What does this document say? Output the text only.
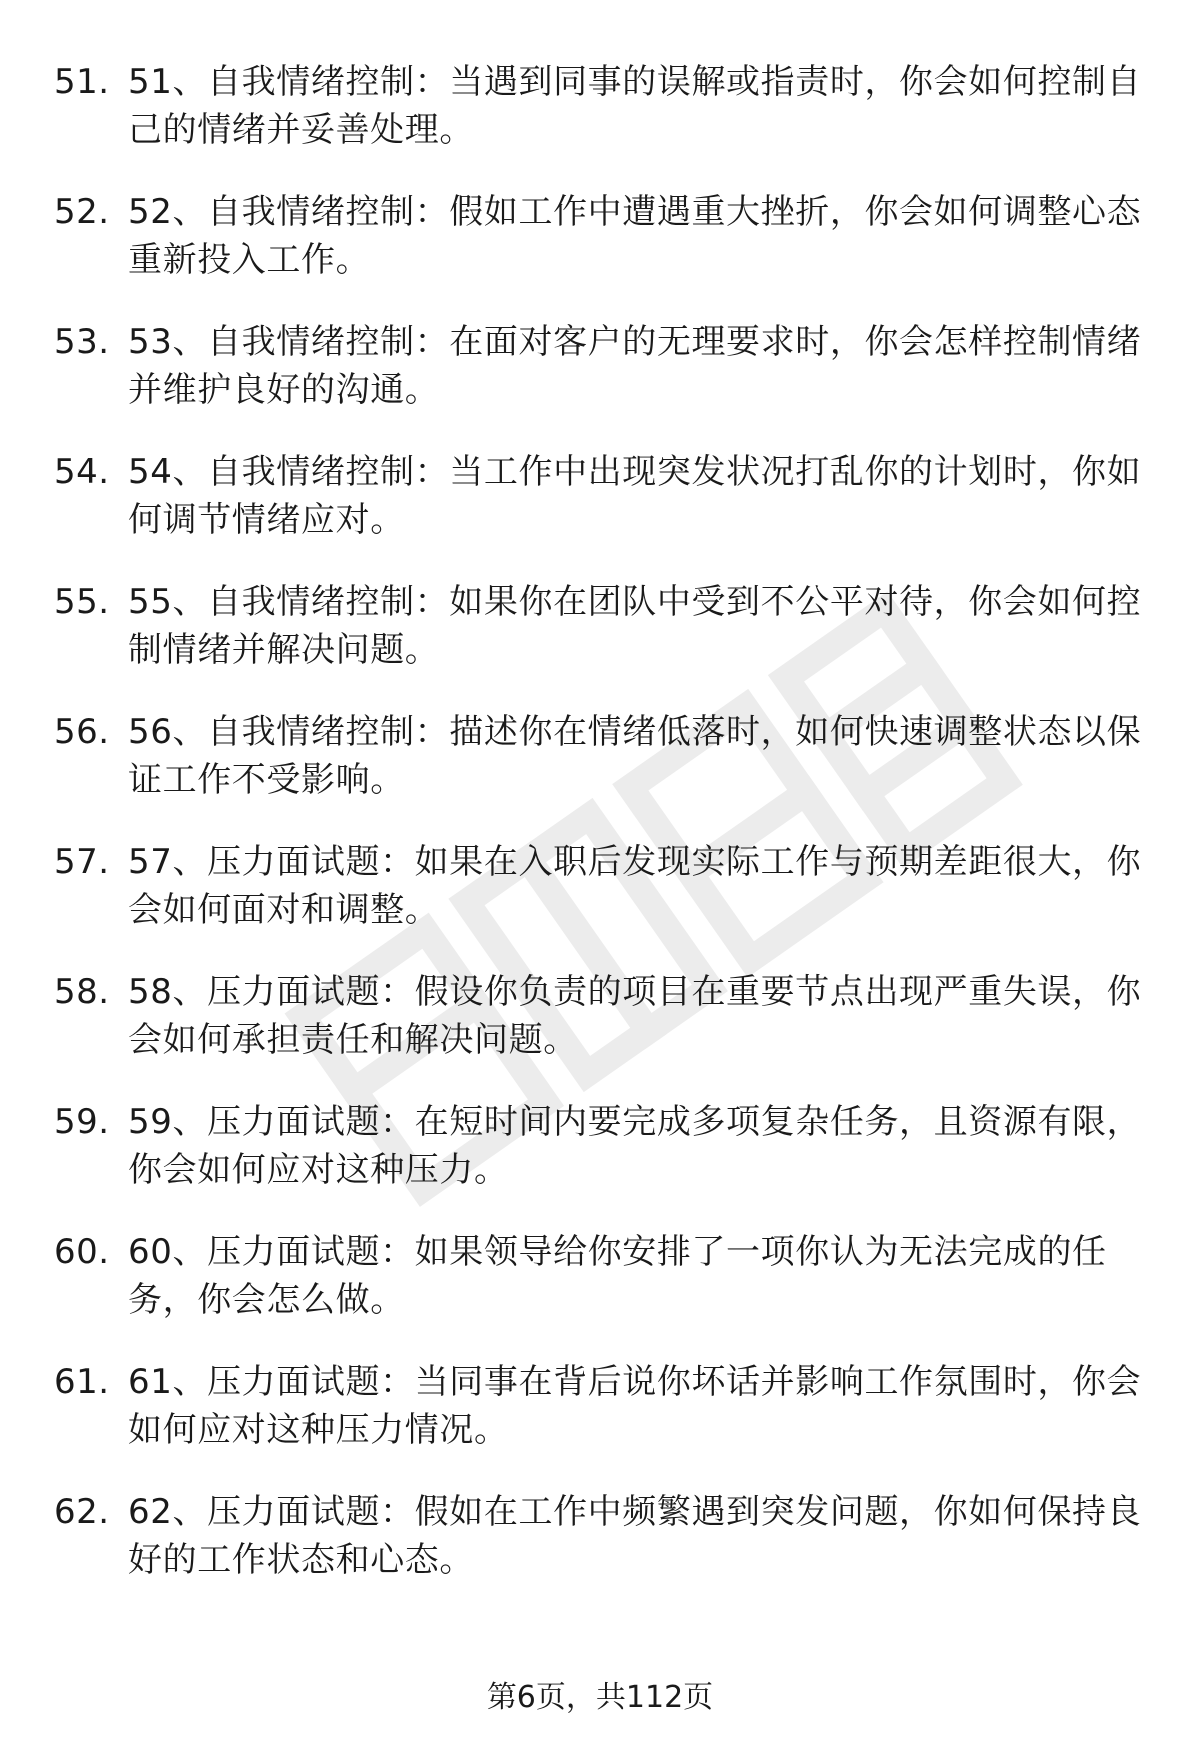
51. 51、自我情绪控制：当遇到同事的误解或指责时，你会如何控制自己的情绪并妥善处理。
52. 52、自我情绪控制：假如工作中遭遇重大挫折，你会如何调整心态重新投入工作。
53. 53、自我情绪控制：在面对客户的无理要求时，你会怎样控制情绪并维护良好的沟通。
54. 54、自我情绪控制：当工作中出现突发状况打乱你的计划时，你如何调节情绪应对。
55. 55、自我情绪控制：如果你在团队中受到不公平对待，你会如何控制情绪并解决问题。
56. 56、自我情绪控制：描述你在情绪低落时，如何快速调整状态以保证工作不受影响。
57. 57、压力面试题：如果在入职后发现实际工作与预期差距很大，你会如何面对和调整。
58. 58、压力面试题：假设你负责的项目在重要节点出现严重失误，你会如何承担责任和解决问题。
59. 59、压力面试题：在短时间内要完成多项复杂任务，且资源有限，你会如何应对这种压力。
60. 60、压力面试题：如果领导给你安排了一项你认为无法完成的任务，你会怎么做。
61. 61、压力面试题：当同事在背后说你坏话并影响工作氛围时，你会如何应对这种压力情况。
62. 62、压力面试题：假如在工作中频繁遇到突发问题，你如何保持良好的工作状态和心态。
第6页，共112页
